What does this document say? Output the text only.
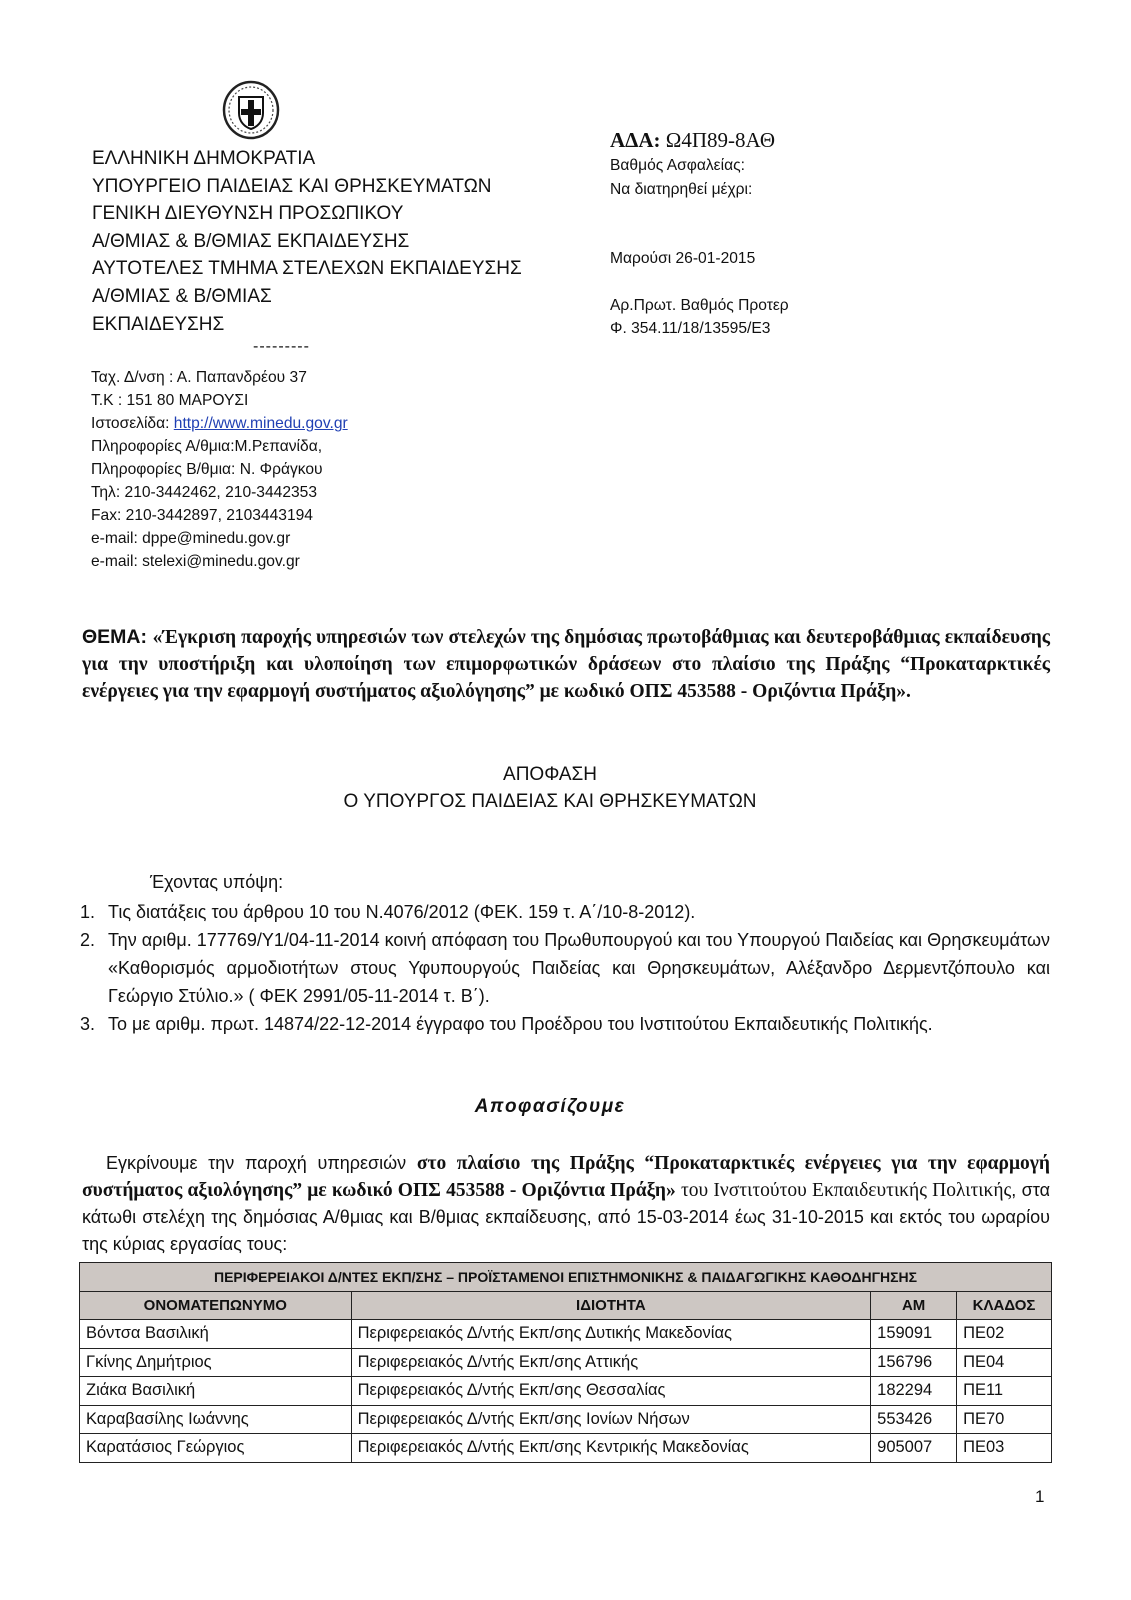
ΕΛΛΗΝΙΚΗ ΔΗΜΟΚΡΑΤΙΑ
ΥΠΟΥΡΓΕΙΟ ΠΑΙΔΕΙΑΣ ΚΑΙ ΘΡΗΣΚΕΥΜΑΤΩΝ
ΓΕΝΙΚΗ ΔΙΕΥΘΥΝΣΗ ΠΡΟΣΩΠΙΚΟΥ
Α/ΘΜΙΑΣ & Β/ΘΜΙΑΣ ΕΚΠΑΙΔΕΥΣΗΣ
ΑΥΤΟΤΕΛΕΣ ΤΜΗΜΑ ΣΤΕΛΕΧΩΝ ΕΚΠΑΙΔΕΥΣΗΣ
Α/ΘΜΙΑΣ & Β/ΘΜΙΑΣ
ΕΚΠΑΙΔΕΥΣΗΣ
---------
Ταχ. Δ/νση : Α. Παπανδρέου 37
Τ.Κ : 151 80 ΜΑΡΟΥΣΙ
Ιστοσελίδα: http://www.minedu.gov.gr
Πληροφορίες Α/θμια:Μ.Ρεπανίδα,
Πληροφορίες Β/θμια: Ν. Φράγκου
Τηλ: 210-3442462, 210-3442353
Fax: 210-3442897, 2103443194
e-mail: dppe@minedu.gov.gr
e-mail: stelexi@minedu.gov.gr
ΑΔΑ: Ω4Π89-8ΑΘ
Βαθμός Ασφαλείας:
Να διατηρηθεί μέχρι:
Μαρούσι 26-01-2015
Αρ.Πρωτ. Βαθμός Προτερ
Φ. 354.11/18/13595/Ε3
ΘΕΜΑ: «Έγκριση παροχής υπηρεσιών των στελεχών της δημόσιας πρωτοβάθμιας και δευτεροβάθμιας εκπαίδευσης για την υποστήριξη και υλοποίηση των επιμορφωτικών δράσεων στο πλαίσιο της Πράξης “Προκαταρκτικές ενέργειες για την εφαρμογή συστήματος αξιολόγησης” με κωδικό ΟΠΣ 453588 - Οριζόντια Πράξη».
ΑΠΟΦΑΣΗ
Ο ΥΠΟΥΡΓΟΣ ΠΑΙΔΕΙΑΣ ΚΑΙ ΘΡΗΣΚΕΥΜΑΤΩΝ
Έχοντας υπόψη:
1. Τις διατάξεις του άρθρου 10 του Ν.4076/2012 (ΦΕΚ. 159 τ. Α΄/10-8-2012).
2. Την αριθμ. 177769/Υ1/04-11-2014 κοινή απόφαση του Πρωθυπουργού και του Υπουργού Παιδείας και Θρησκευμάτων «Καθορισμός αρμοδιοτήτων στους Υφυπουργούς Παιδείας και Θρησκευμάτων, Αλέξανδρο Δερμεντζόπουλο και Γεώργιο Στύλιο.» ( ΦΕΚ 2991/05-11-2014 τ. Β΄).
3. Το με αριθμ. πρωτ. 14874/22-12-2014 έγγραφο του Προέδρου του Ινστιτούτου Εκπαιδευτικής Πολιτικής.
Αποφασίζουμε
Εγκρίνουμε την παροχή υπηρεσιών στο πλαίσιο της Πράξης “Προκαταρκτικές ενέργειες για την εφαρμογή συστήματος αξιολόγησης” με κωδικό ΟΠΣ 453588 - Οριζόντια Πράξη» του Ινστιτούτου Εκπαιδευτικής Πολιτικής, στα κάτωθι στελέχη της δημόσιας Α/θμιας και Β/θμιας εκπαίδευσης, από 15-03-2014 έως 31-10-2015 και εκτός του ωραρίου της κύριας εργασίας τους:
ΠΕΡΙΦΕΡΕΙΑΚΟΙ Δ/ΝΤΕΣ ΕΚΠ/ΣΗΣ – ΠΡΟΪΣΤΑΜΕΝΟΙ ΕΠΙΣΤΗΜΟΝΙΚΗΣ & ΠΑΙΔΑΓΩΓΙΚΗΣ ΚΑΘΟΔΗΓΗΣΗΣ			
ΟΝΟΜΑΤΕΠΩΝΥΜΟ	ΙΔΙΟΤΗΤΑ	ΑΜ	ΚΛΑΔΟΣ
Βόντσα Βασιλική	Περιφερειακός Δ/ντής Εκπ/σης Δυτικής Μακεδονίας	159091	ΠΕ02
Γκίνης Δημήτριος	Περιφερειακός Δ/ντής Εκπ/σης Αττικής	156796	ΠΕ04
Ζιάκα Βασιλική	Περιφερειακός Δ/ντής Εκπ/σης Θεσσαλίας	182294	ΠΕ11
Καραβασίλης Ιωάννης	Περιφερειακός Δ/ντής Εκπ/σης Ιονίων Νήσων	553426	ΠΕ70
Καρατάσιος Γεώργιος	Περιφερειακός Δ/ντής Εκπ/σης Κεντρικής Μακεδονίας	905007	ΠΕ03
1
